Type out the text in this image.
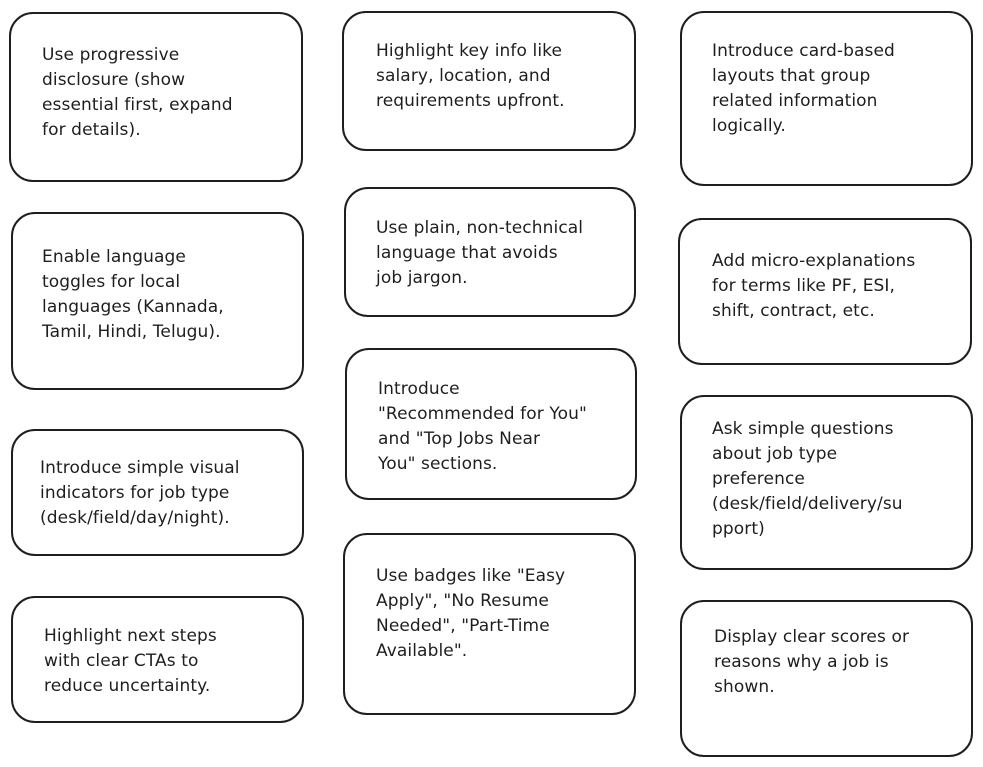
Use progressive
disclosure (show
essential first, expand
for details).
Enable language
toggles for local
languages (Kannada,
Tamil, Hindi, Telugu).
Introduce simple visual
indicators for job type
(desk/field/day/night).
Highlight next steps
with clear CTAs to
reduce uncertainty.
Highlight key info like
salary, location, and
requirements upfront.
Use plain, non-technical
language that avoids
job jargon.
Introduce
"Recommended for You"
and "Top Jobs Near
You" sections.
Use badges like "Easy
Apply", "No Resume
Needed", "Part-Time
Available".
Introduce card-based
layouts that group
related information
logically.
Add micro-explanations
for terms like PF, ESI,
shift, contract, etc.
Ask simple questions
about job type
preference
(desk/field/delivery/su
pport)
Display clear scores or
reasons why a job is
shown.
